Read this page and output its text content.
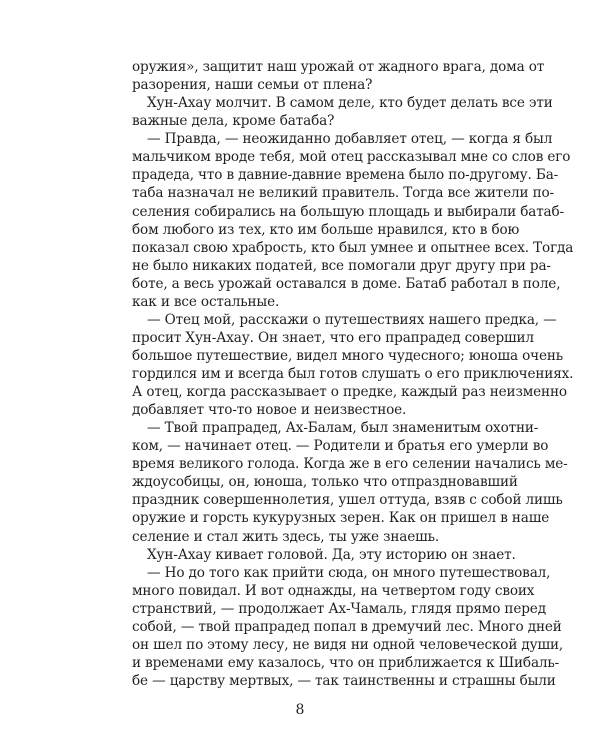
оружия», защитит наш урожай от жадного врага, дома от
разорения, наши семьи от плена?
Хун-Ахау молчит. В самом деле, кто будет делать все эти
важные дела, кроме батаба?
— Правда, — неожиданно добавляет отец, — когда я был
мальчиком вроде тебя, мой отец рассказывал мне со слов его
прадеда, что в давние-давние времена было по-другому. Ба-
таба назначал не великий правитель. Тогда все жители по-
селения собирались на большую площадь и выбирали батаб-
бом любого из тех, кто им больше нравился, кто в бою
показал свою храбрость, кто был умнее и опытнее всех. Тогда
не было никаких податей, все помогали друг другу при ра-
боте, а весь урожай оставался в доме. Батаб работал в поле,
как и все остальные.
— Отец мой, расскажи о путешествиях нашего предка, —
просит Хун-Ахау. Он знает, что его прапрадед совершил
большое путешествие, видел много чудесного; юноша очень
гордился им и всегда был готов слушать о его приключениях.
А отец, когда рассказывает о предке, каждый раз неизменно
добавляет что-то новое и неизвестное.
— Твой прапрадед, Ах-Балам, был знаменитым охотни-
ком, — начинает отец. — Родители и братья его умерли во
время великого голода. Когда же в его селении начались ме-
ждоусобицы, он, юноша, только что отпраздновавший
праздник совершеннолетия, ушел оттуда, взяв с собой лишь
оружие и горсть кукурузных зерен. Как он пришел в наше
селение и стал жить здесь, ты уже знаешь.
Хун-Ахау кивает головой. Да, эту историю он знает.
— Но до того как прийти сюда, он много путешествовал,
много повидал. И вот однажды, на четвертом году своих
странствий, — продолжает Ах-Чамаль, глядя прямо перед
собой, — твой прапрадед попал в дремучий лес. Много дней
он шел по этому лесу, не видя ни одной человеческой души,
и временами ему казалось, что он приближается к Шибаль-
бе — царству мертвых, — так таинственны и страшны были
8
